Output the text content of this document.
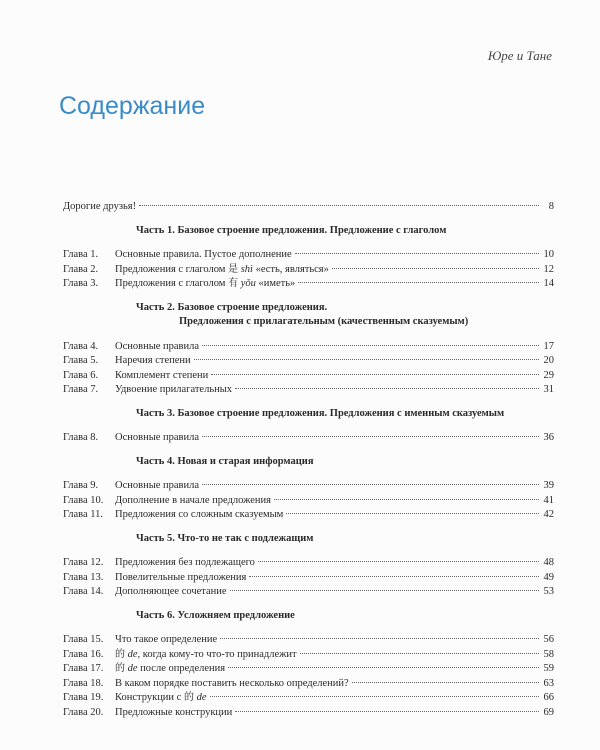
Юре и Тане
Содержание
Дорогие друзья!	8
Часть 1. Базовое строение предложения. Предложение с глаголом
Глава 1.	Основные правила. Пустое дополнение	10
Глава 2.	Предложения с глаголом 是 shì «есть, являться»	12
Глава 3.	Предложения с глаголом 有 yǒu «иметь»	14
Часть 2. Базовое строение предложения.
Предложения с прилагательным (качественным сказуемым)
Глава 4.	Основные правила	17
Глава 5.	Наречия степени	20
Глава 6.	Комплемент степени	29
Глава 7.	Удвоение прилагательных	31
Часть 3. Базовое строение предложения. Предложения с именным сказуемым
Глава 8.	Основные правила	36
Часть 4. Новая и старая информация
Глава 9.	Основные правила	39
Глава 10.	Дополнение в начале предложения	41
Глава 11.	Предложения со сложным сказуемым	42
Часть 5. Что-то не так с подлежащим
Глава 12.	Предложения без подлежащего	48
Глава 13.	Повелительные предложения	49
Глава 14.	Дополняющее сочетание	53
Часть 6. Усложняем предложение
Глава 15.	Что такое определение	56
Глава 16.	的 de, когда кому-то что-то принадлежит	58
Глава 17.	的 de после определения	59
Глава 18.	В каком порядке поставить несколько определений?	63
Глава 19.	Конструкции с 的 de	66
Глава 20.	Предложные конструкции	69
